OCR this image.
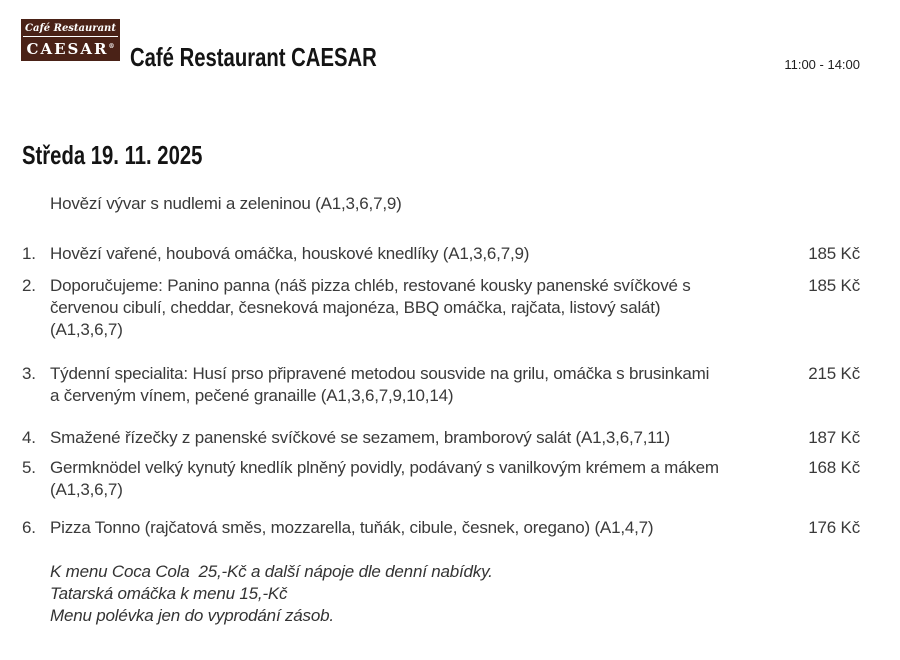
Café Restaurant
CAESAR® Café Restaurant CAESAR	11:00 - 14:00
Středa 19. 11. 2025
Hovězí vývar s nudlemi a zeleninou (A1,3,6,7,9)
1. Hovězí vařené, houbová omáčka, houskové knedlíky (A1,3,6,7,9)	185 Kč
2. Doporučujeme: Panino panna (náš pizza chléb, restované kousky panenské svíčkové s červenou cibulí, cheddar, česneková majonéza, BBQ omáčka, rajčata, listový salát) (A1,3,6,7)
185 Kč
3. Týdenní specialita: Husí prso připravené metodou sousvide na grilu, omáčka s brusinkami a červeným vínem, pečené granaille (A1,3,6,7,9,10,14)
215 Kč
4. Smažené řízečky z panenské svíčkové se sezamem, bramborový salát (A1,3,6,7,11)	187 Kč
5. Germknödel velký kynutý knedlík plněný povidly, podávaný s vanilkovým krémem a mákem (A1,3,6,7)
168 Kč
6. Pizza Tonno (rajčatová směs, mozzarella, tuňák, cibule, česnek, oregano) (A1,4,7)	176 Kč
K menu Coca Cola  25,-Kč a další nápoje dle denní nabídky.
Tatarská omáčka k menu 15,-Kč
Menu polévka jen do vyprodání zásob.
